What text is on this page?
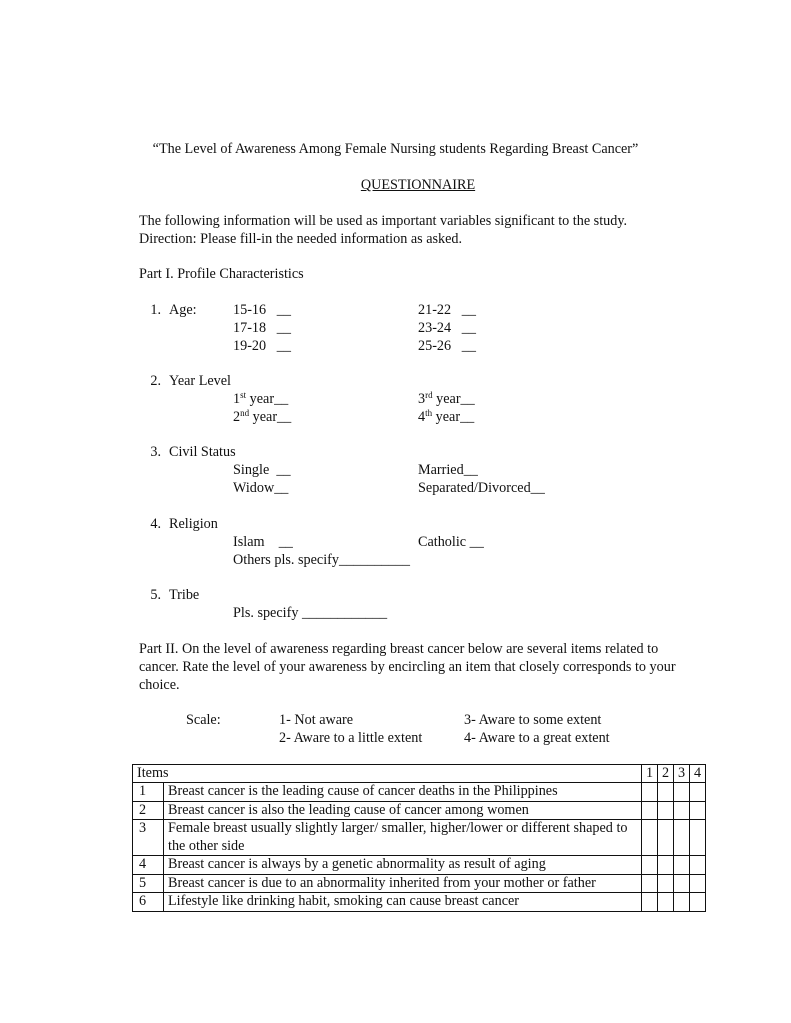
“The Level of Awareness Among Female Nursing students Regarding Breast Cancer”
QUESTIONNAIRE
The following information will be used as important variables significant to the study.
Direction: Please fill-in the needed information as asked.
Part I. Profile Characteristics
1. Age:	15-16   __
17-18   __
19-20   __
21-22   __
23-24   __
25-26   __
2. Year Level
1st year__
2nd year__
3rd year__
4th year__
3. Civil Status
Single  __
Widow__
Married__
Separated/Divorced__
4. Religion
Islam    __
Others pls. specify__________
Catholic __
5. Tribe
Pls. specify ____________
Part II. On the level of awareness regarding breast cancer below are several items related to cancer. Rate the level of your awareness by encircling an item that closely corresponds to your choice.
Scale:	1- Not aware
2- Aware to a little extent
3- Aware to some extent
4- Aware to a great extent
Items		1	2	3	4
1	Breast cancer is the leading cause of cancer deaths in the Philippines				
2	Breast cancer is also the leading cause of cancer among women				
3	Female breast usually slightly larger/ smaller, higher/lower or different shaped to the other side				
4	Breast cancer is always by a genetic abnormality as result of aging				
5	Breast cancer is due to an abnormality inherited from your mother or father				
6	Lifestyle like drinking habit, smoking can cause breast cancer				
